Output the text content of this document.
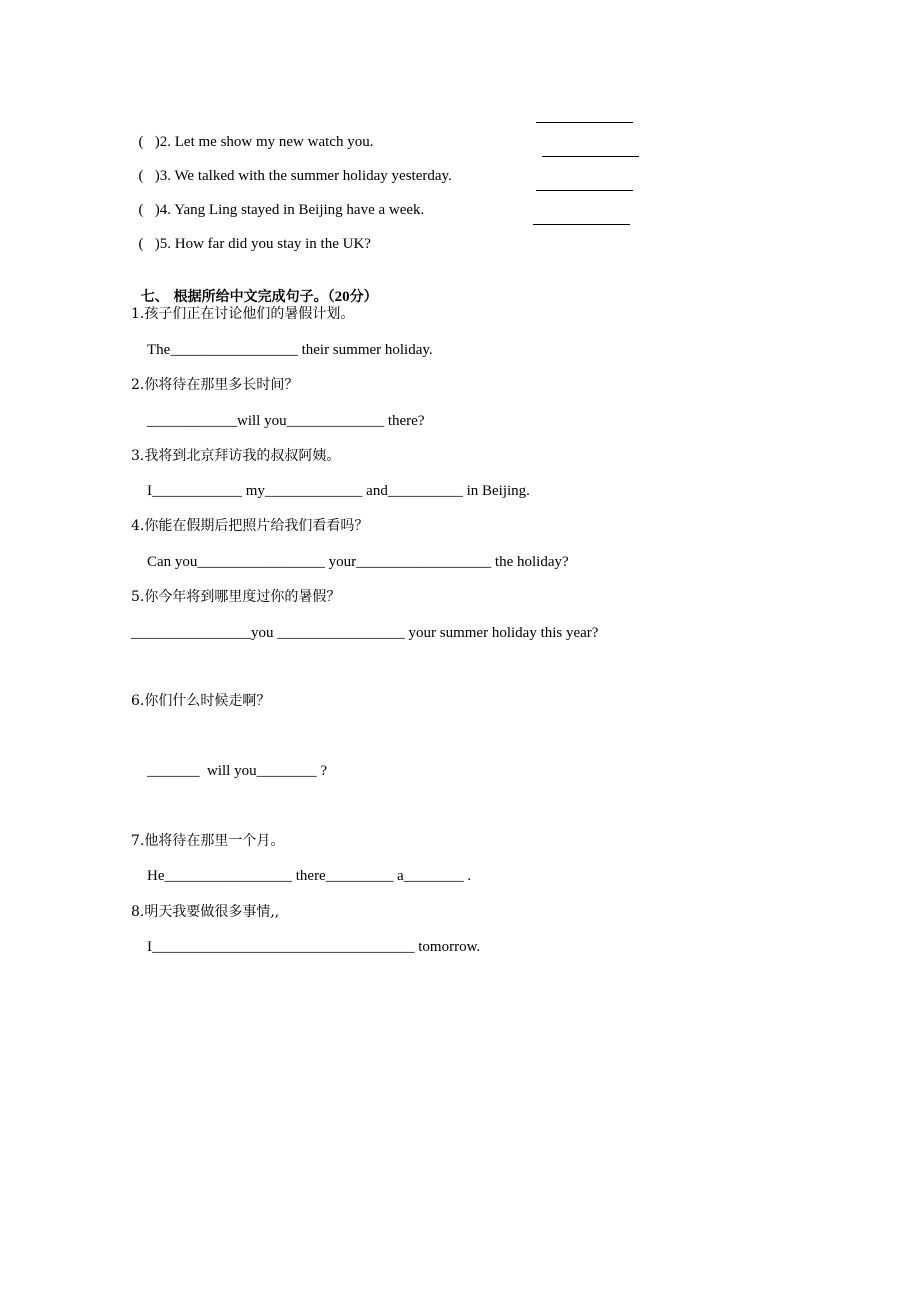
(   )2. Let me show my new watch you.

(   )3. We talked with the summer holiday yesterday.

(   )4. Yang Ling stayed in Beijing have a week.

(   )5. How far did you stay in the UK?

七、 根据所给中文完成句子。（20分）

1.孩子们正在讨论他们的暑假计划。
The_________________ their summer holiday.
2.你将待在那里多长时间？
____________will you_____________ there?
3.我将到北京拜访我的叔叔阿姨。
I____________ my_____________ and__________ in Beijing.
4.你能在假期后把照片给我们看看吗？
Can you_________________ your__________________ the holiday?
5.你今年将到哪里度过你的暑假？
________________you _________________ your summer holiday this year?
6.你们什么时候走啊？
_______  will you________ ?
7.他将待在那里一个月。
He_________________ there_________ a________ .
8.明天我要做很多事情,,
I___________________________________ tomorrow.
